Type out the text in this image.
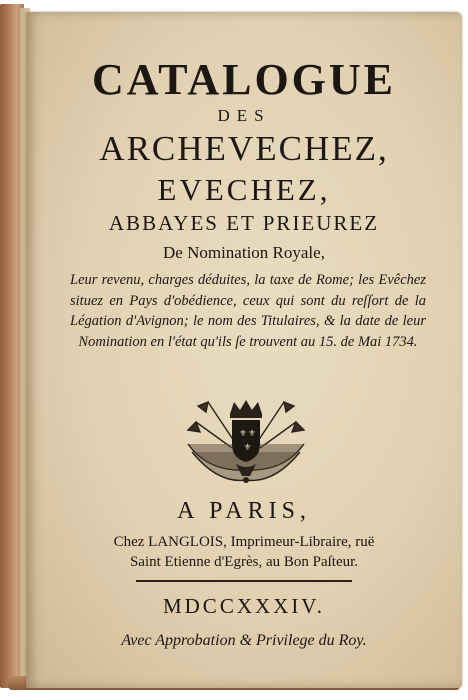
CATALOGUE
DES
ARCHEVECHEZ,
EVECHEZ,
ABBAYES ET PRIEUREZ
De Nomination Royale,
Leur revenu, charges déduites, la taxe de Rome; les Evêchez situez en Pays d'obédience, ceux qui sont du reſſort de la Légation d'Avignon; le nom des Titulaires, & la date de leur Nomination en l'état qu'ils ſe trouvent au 15. de Mai 1734.
⚜ ⚜
⚜
A PARIS,
Chez LANGLOIS, Imprimeur-Libraire, ruë
Saint Etienne d'Egrès, au Bon Paſteur.
MDCCXXXIV.
Avec Approbation & Privilege du Roy.
